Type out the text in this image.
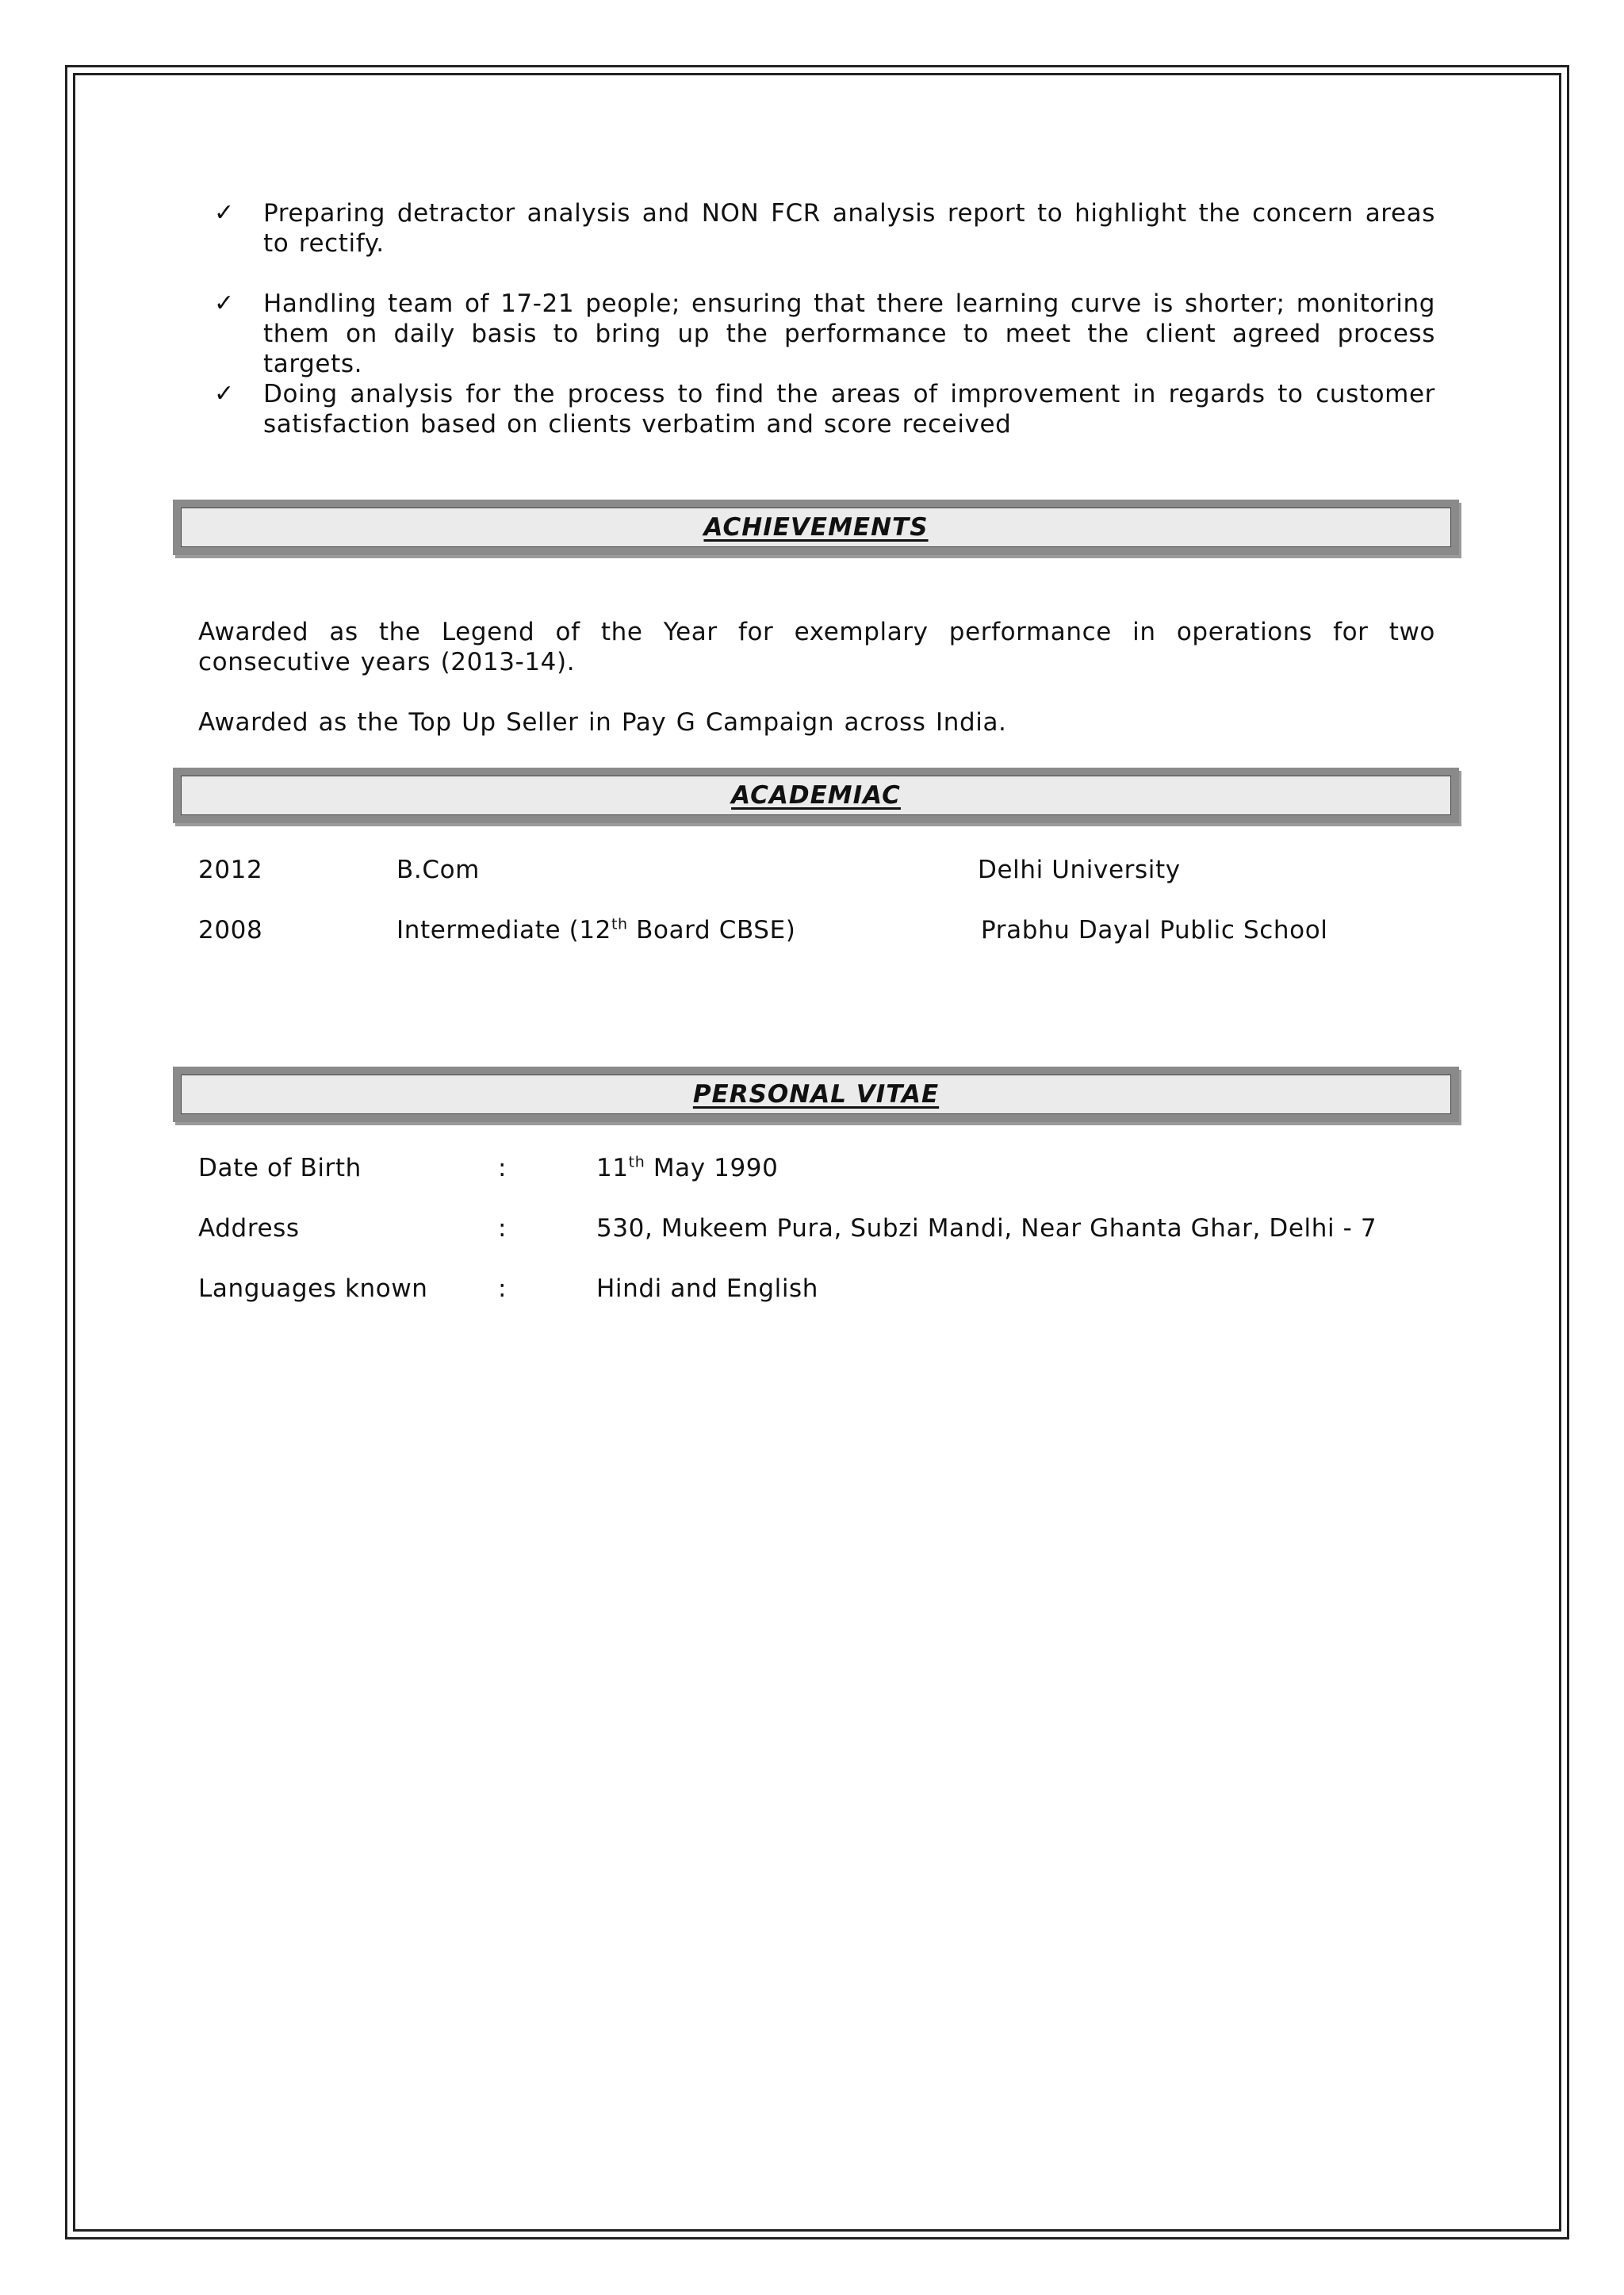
✓ Preparing detractor analysis and NON FCR analysis report to highlight the concern areas to rectify.
✓ Handling team of 17-21 people; ensuring that there learning curve is shorter; monitoring them on daily basis to bring up the performance to meet the client agreed process targets.
✓ Doing analysis for the process to find the areas of improvement in regards to customer satisfaction based on clients verbatim and score received
ACHIEVEMENTS
Awarded as the Legend of the Year for exemplary performance in operations for two consecutive years (2013-14).
Awarded as the Top Up Seller in Pay G Campaign across India.
ACADEMIAC
2012	B.Com	Delhi University
2008	Intermediate (12th Board CBSE)	Prabhu Dayal Public School
PERSONAL VITAE
Date of Birth	:	11th May 1990
Address	:	530, Mukeem Pura, Subzi Mandi, Near Ghanta Ghar, Delhi - 7
Languages known	:	Hindi and English
